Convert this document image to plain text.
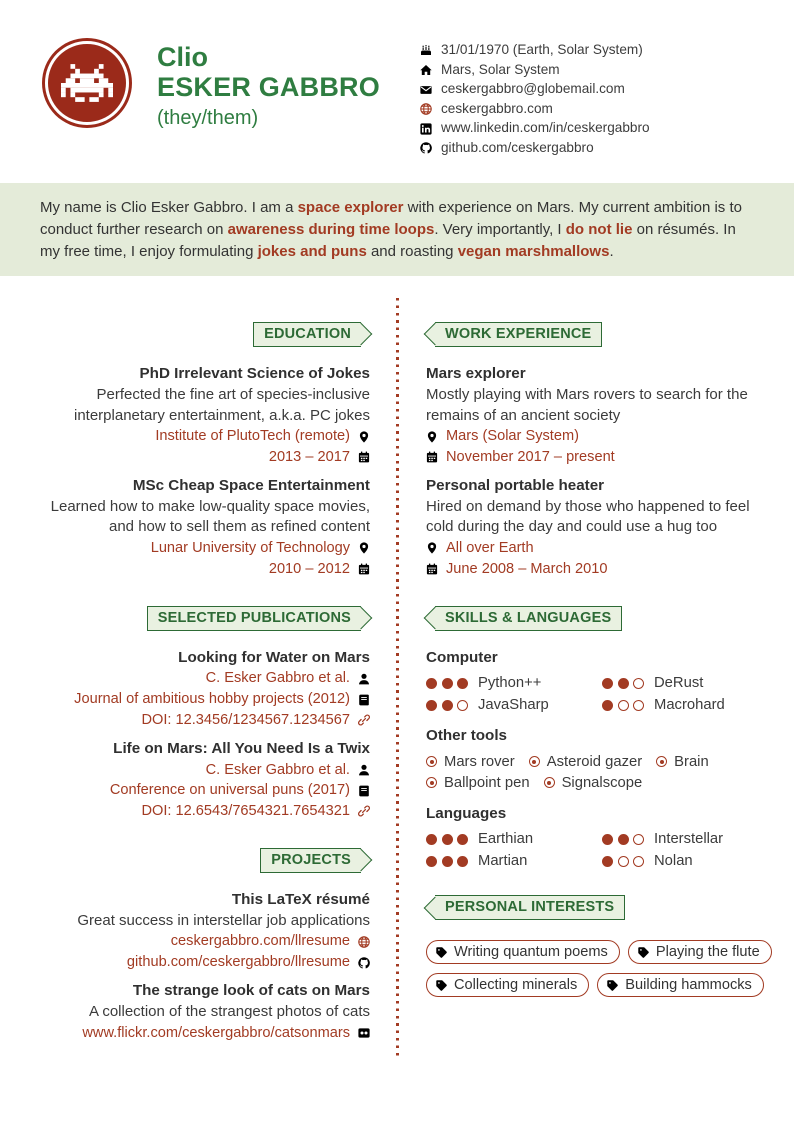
Clio
ESKER GABBRO
(they/them)
31/01/1970 (Earth, Solar System)
Mars, Solar System
ceskergabbro@globemail.com
ceskergabbro.com
www.linkedin.com/in/ceskergabbro
github.com/ceskergabbro

My name is Clio Esker Gabbro. I am a space explorer with experience on Mars. My current ambition is to conduct further research on awareness during time loops. Very importantly, I do not lie on résumés. In my free time, I enjoy formulating jokes and puns and roasting vegan marshmallows.

EDUCATION
PhD Irrelevant Science of Jokes

Perfected the fine art of species-inclusive interplanetary entertainment, a.k.a. PC jokes

Institute of PlutoTech (remote)
2013 – 2017
MSc Cheap Space Entertainment

Learned how to make low-quality space movies, and how to sell them as refined content

Lunar University of Technology
2010 – 2012
SELECTED PUBLICATIONS
Looking for Water on Mars
C. Esker Gabbro et al.
Journal of ambitious hobby projects (2012)
DOI: 12.3456/1234567.1234567
Life on Mars: All You Need Is a Twix
C. Esker Gabbro et al.
Conference on universal puns (2017)
DOI: 12.6543/7654321.7654321
PROJECTS
This LaTeX résumé

Great success in interstellar job applications

ceskergabbro.com/llresume
github.com/ceskergabbro/llresume
The strange look of cats on Mars

A collection of the strangest photos of cats

www.flickr.com/ceskergabbro/catsonmars
WORK EXPERIENCE
Mars explorer

Mostly playing with Mars rovers to search for the remains of an ancient society

Mars (Solar System)
November 2017 – present
Personal portable heater

Hired on demand by those who happened to feel cold during the day and could use a hug too

All over Earth
June 2008 – March 2010
SKILLS & LANGUAGES
Computer
Python++	DeRust
JavaSharp	Macrohard
Other tools
Mars rover Asteroid gazer Brain
Ballpoint pen Signalscope
Languages
Earthian	Interstellar
Martian	Nolan
PERSONAL INTERESTS
Writing quantum poems	Playing the flute
Collecting minerals	Building hammocks
